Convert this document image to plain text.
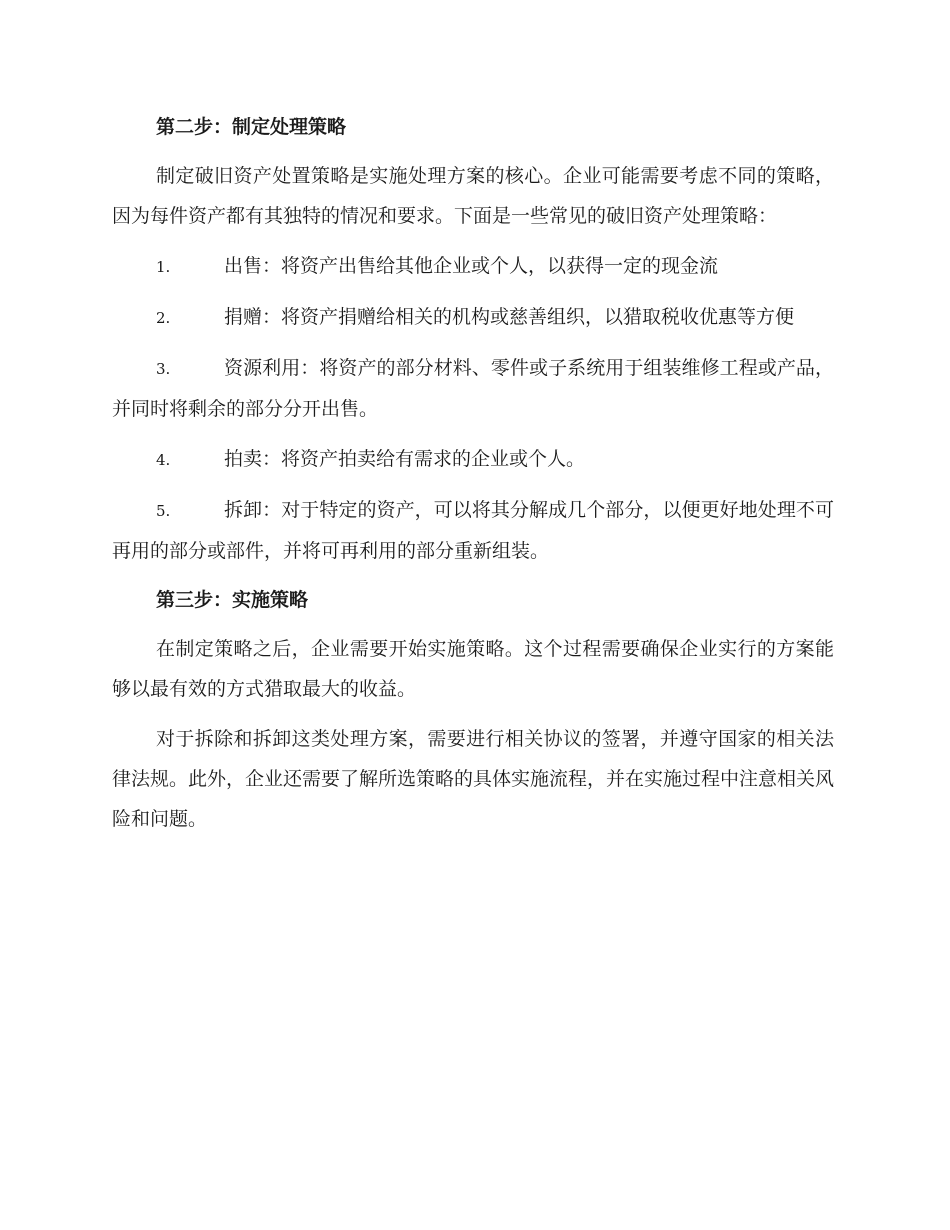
第二步：制定处理策略

制定破旧资产处置策略是实施处理方案的核心。企业可能需要考虑不同的策略，因为每件资产都有其独特的情况和要求。下面是一些常见的破旧资产处理策略：

1.	出售：将资产出售给其他企业或个人，以获得一定的现金流

2.	捐赠：将资产捐赠给相关的机构或慈善组织，以猎取税收优惠等方便

3.	资源利用：将资产的部分材料、零件或子系统用于组装维修工程或产品，并同时将剩余的部分分开出售。

4.	拍卖：将资产拍卖给有需求的企业或个人。

5.	拆卸：对于特定的资产，可以将其分解成几个部分，以便更好地处理不可再用的部分或部件，并将可再利用的部分重新组装。

第三步：实施策略

在制定策略之后，企业需要开始实施策略。这个过程需要确保企业实行的方案能够以最有效的方式猎取最大的收益。

对于拆除和拆卸这类处理方案，需要进行相关协议的签署，并遵守国家的相关法律法规。此外，企业还需要了解所选策略的具体实施流程，并在实施过程中注意相关风险和问题。
